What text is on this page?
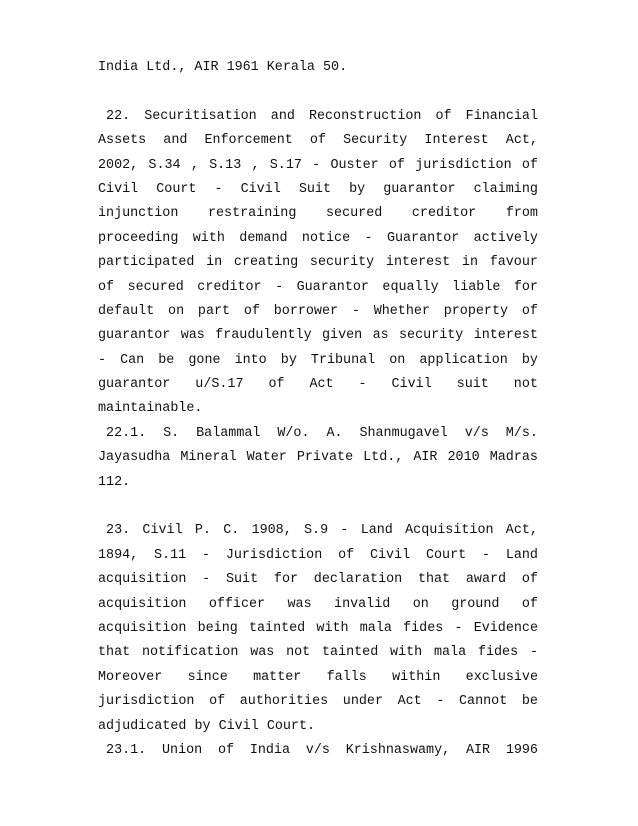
India Ltd., AIR 1961 Kerala 50.
22. Securitisation and Reconstruction of Financial
Assets and Enforcement of Security Interest Act,
2002, S.34 , S.13 , S.17 - Ouster of jurisdiction of
Civil Court - Civil Suit by guarantor claiming
injunction restraining secured creditor from
proceeding with demand notice - Guarantor actively
participated in creating security interest in favour
of secured creditor - Guarantor equally liable for
default on part of borrower - Whether property of
guarantor was fraudulently given as security interest
- Can be gone into by Tribunal on application by
guarantor u/S.17 of Act - Civil suit not
maintainable.
22.1. S. Balammal W/o. A. Shanmugavel v/s M/s.
Jayasudha Mineral Water Private Ltd., AIR 2010 Madras
112.
23. Civil P. C. 1908, S.9 - Land Acquisition Act,
1894, S.11 - Jurisdiction of Civil Court - Land
acquisition - Suit for declaration that award of
acquisition officer was invalid on ground of
acquisition being tainted with mala fides - Evidence
that notification was not tainted with mala fides -
Moreover since matter falls within exclusive
jurisdiction of authorities under Act - Cannot be
adjudicated by Civil Court.
23.1. Union of India v/s Krishnaswamy, AIR 1996
